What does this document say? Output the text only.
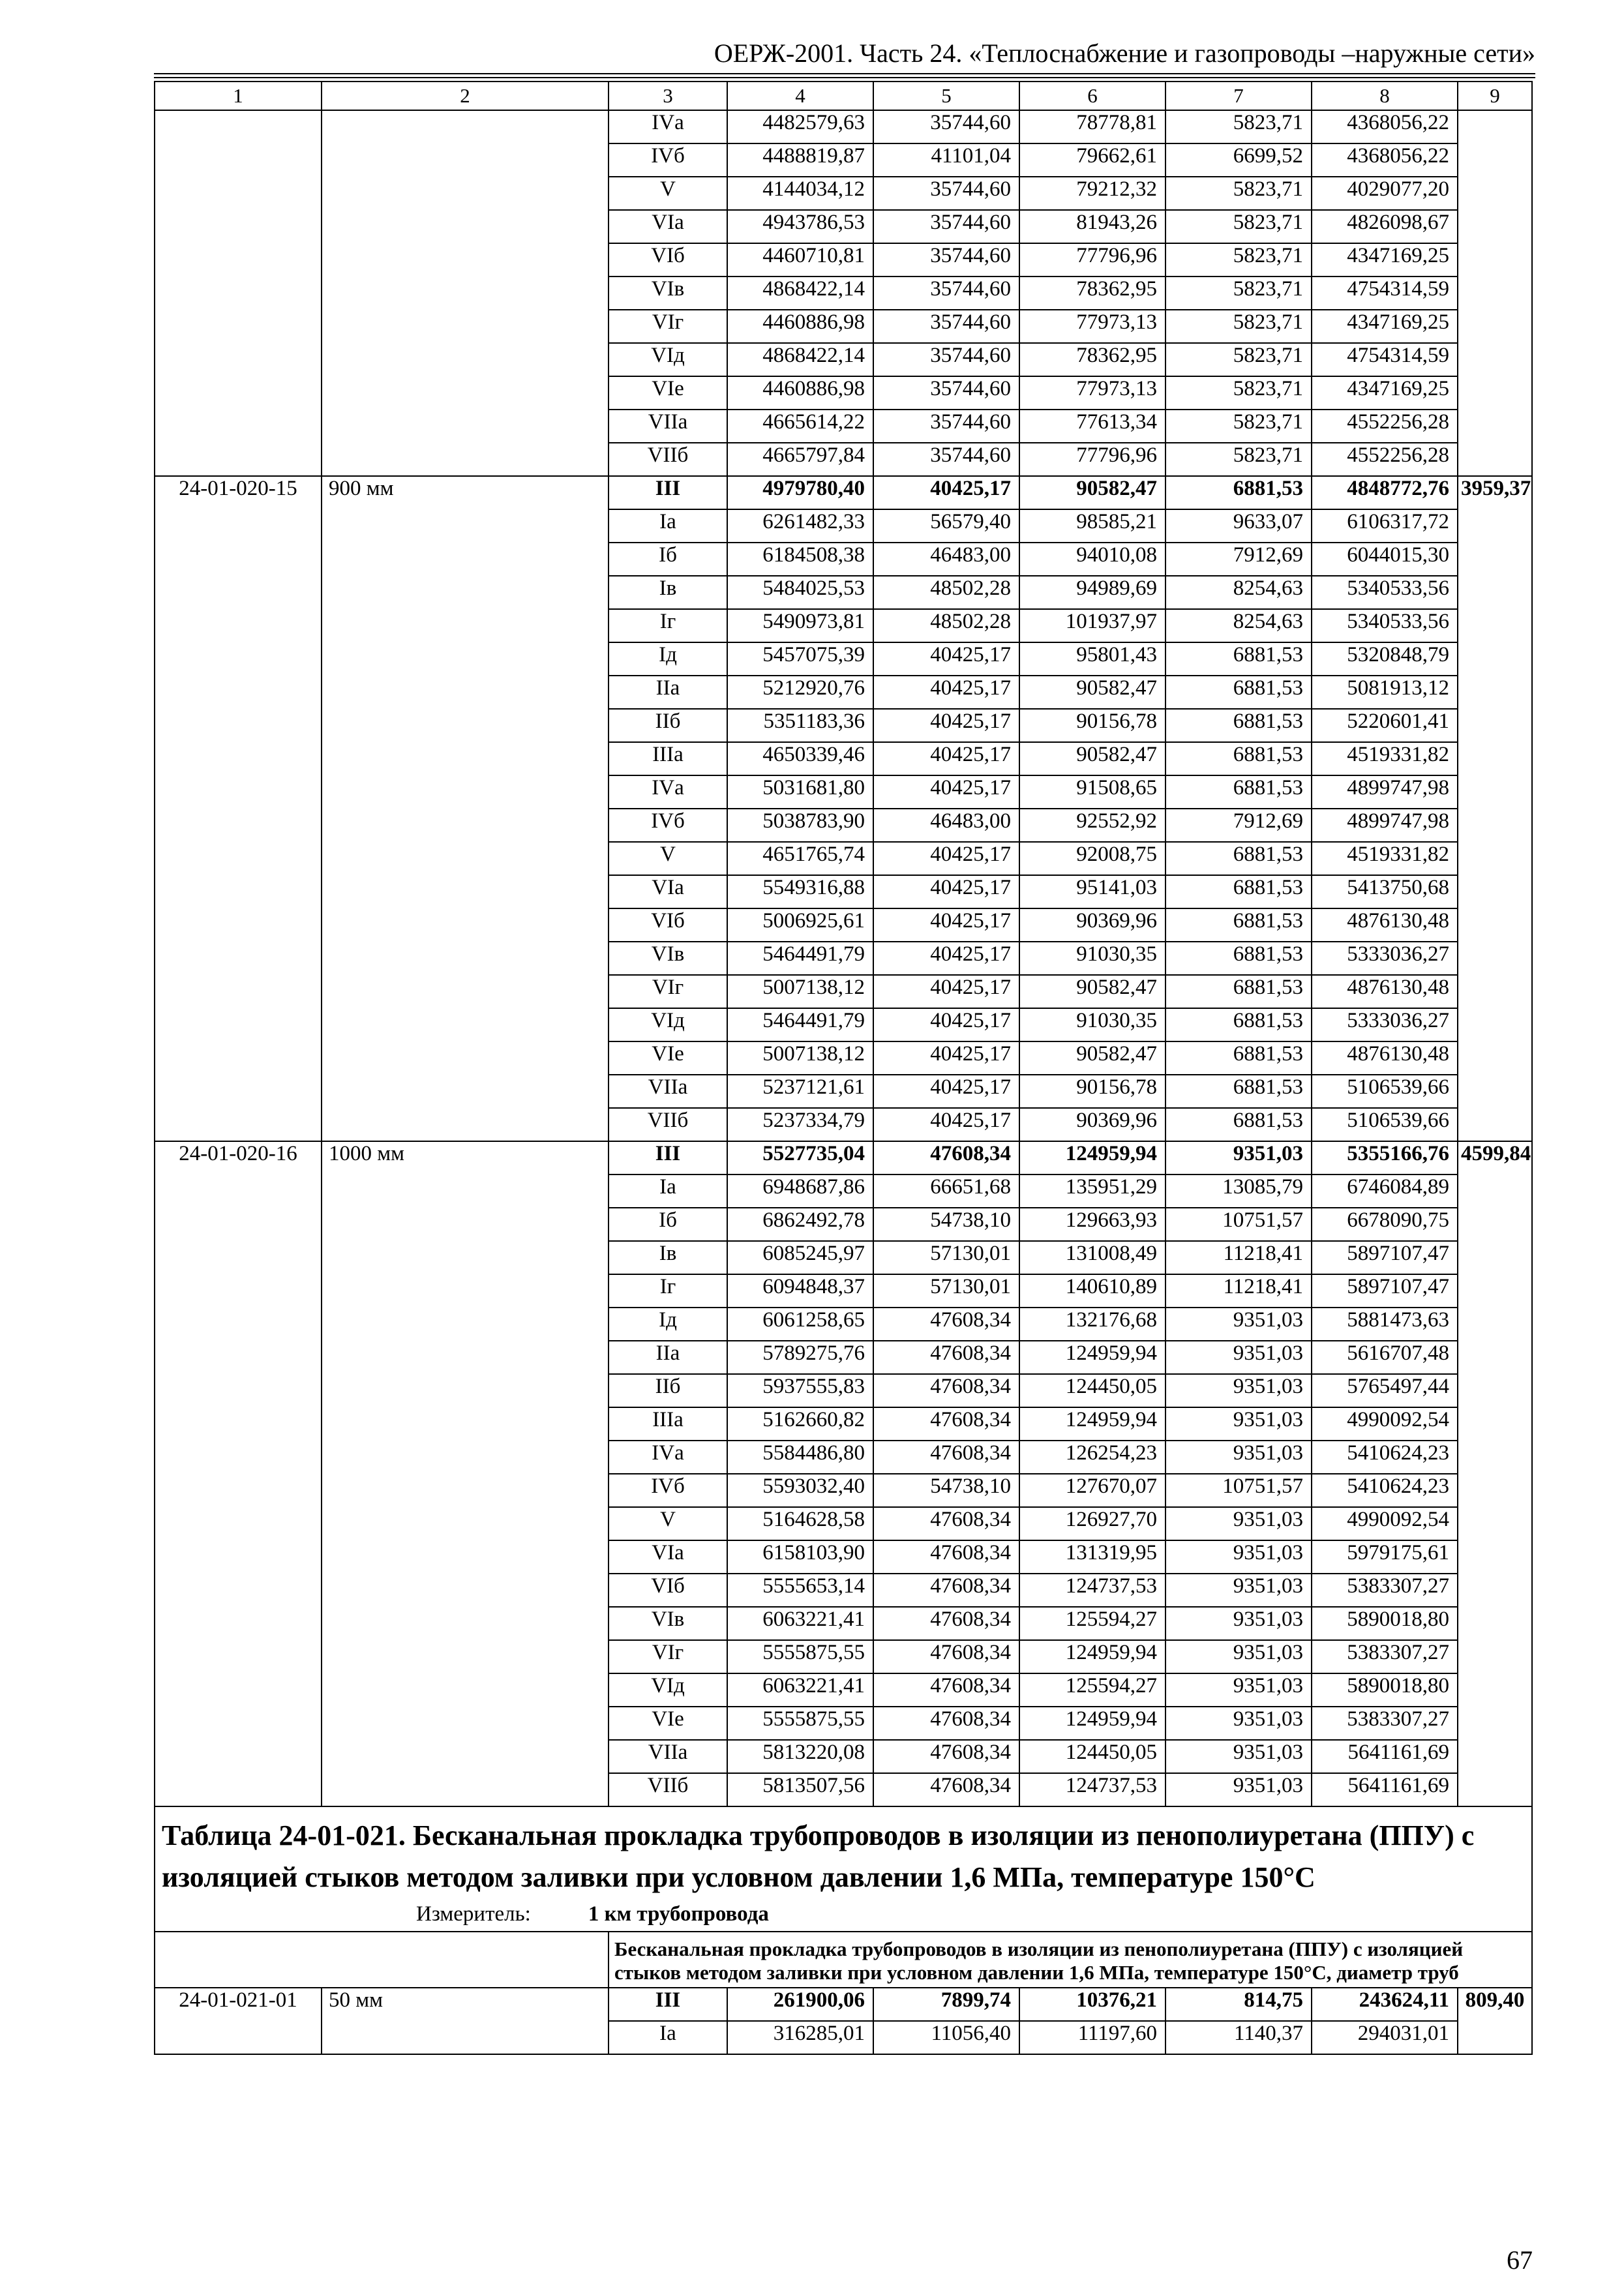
ОЕРЖ-2001. Часть 24. «Теплоснабжение и газопроводы –наружные сети»
1	2	3	4	5	6	7	8	9
		IVа	4482579,63	35744,60	78778,81	5823,71	4368056,22	
		IVб	4488819,87	41101,04	79662,61	6699,52	4368056,22	
		V	4144034,12	35744,60	79212,32	5823,71	4029077,20	
		VIа	4943786,53	35744,60	81943,26	5823,71	4826098,67	
		VIб	4460710,81	35744,60	77796,96	5823,71	4347169,25	
		VIв	4868422,14	35744,60	78362,95	5823,71	4754314,59	
		VIг	4460886,98	35744,60	77973,13	5823,71	4347169,25	
		VIд	4868422,14	35744,60	78362,95	5823,71	4754314,59	
		VIе	4460886,98	35744,60	77973,13	5823,71	4347169,25	
		VIIа	4665614,22	35744,60	77613,34	5823,71	4552256,28	
		VIIб	4665797,84	35744,60	77796,96	5823,71	4552256,28	
24-01-020-15	900 мм	III	4979780,40	40425,17	90582,47	6881,53	4848772,76	3959,37
		Iа	6261482,33	56579,40	98585,21	9633,07	6106317,72	
		Iб	6184508,38	46483,00	94010,08	7912,69	6044015,30	
		Iв	5484025,53	48502,28	94989,69	8254,63	5340533,56	
		Iг	5490973,81	48502,28	101937,97	8254,63	5340533,56	
		Iд	5457075,39	40425,17	95801,43	6881,53	5320848,79	
		IIа	5212920,76	40425,17	90582,47	6881,53	5081913,12	
		IIб	5351183,36	40425,17	90156,78	6881,53	5220601,41	
		IIIа	4650339,46	40425,17	90582,47	6881,53	4519331,82	
		IVа	5031681,80	40425,17	91508,65	6881,53	4899747,98	
		IVб	5038783,90	46483,00	92552,92	7912,69	4899747,98	
		V	4651765,74	40425,17	92008,75	6881,53	4519331,82	
		VIа	5549316,88	40425,17	95141,03	6881,53	5413750,68	
		VIб	5006925,61	40425,17	90369,96	6881,53	4876130,48	
		VIв	5464491,79	40425,17	91030,35	6881,53	5333036,27	
		VIг	5007138,12	40425,17	90582,47	6881,53	4876130,48	
		VIд	5464491,79	40425,17	91030,35	6881,53	5333036,27	
		VIе	5007138,12	40425,17	90582,47	6881,53	4876130,48	
		VIIа	5237121,61	40425,17	90156,78	6881,53	5106539,66	
		VIIб	5237334,79	40425,17	90369,96	6881,53	5106539,66	
24-01-020-16	1000 мм	III	5527735,04	47608,34	124959,94	9351,03	5355166,76	4599,84
		Iа	6948687,86	66651,68	135951,29	13085,79	6746084,89	
		Iб	6862492,78	54738,10	129663,93	10751,57	6678090,75	
		Iв	6085245,97	57130,01	131008,49	11218,41	5897107,47	
		Iг	6094848,37	57130,01	140610,89	11218,41	5897107,47	
		Iд	6061258,65	47608,34	132176,68	9351,03	5881473,63	
		IIа	5789275,76	47608,34	124959,94	9351,03	5616707,48	
		IIб	5937555,83	47608,34	124450,05	9351,03	5765497,44	
		IIIа	5162660,82	47608,34	124959,94	9351,03	4990092,54	
		IVа	5584486,80	47608,34	126254,23	9351,03	5410624,23	
		IVб	5593032,40	54738,10	127670,07	10751,57	5410624,23	
		V	5164628,58	47608,34	126927,70	9351,03	4990092,54	
		VIа	6158103,90	47608,34	131319,95	9351,03	5979175,61	
		VIб	5555653,14	47608,34	124737,53	9351,03	5383307,27	
		VIв	6063221,41	47608,34	125594,27	9351,03	5890018,80	
		VIг	5555875,55	47608,34	124959,94	9351,03	5383307,27	
		VIд	6063221,41	47608,34	125594,27	9351,03	5890018,80	
		VIе	5555875,55	47608,34	124959,94	9351,03	5383307,27	
		VIIа	5813220,08	47608,34	124450,05	9351,03	5641161,69	
		VIIб	5813507,56	47608,34	124737,53	9351,03	5641161,69	

Таблица 24-01-021. Бесканальная прокладка трубопроводов в изоляции из пенополиуретана (ППУ) с изоляцией стыков методом заливки при условном давлении 1,6 МПа, температуре 150°С
Измеритель: 1 км трубопровода								

		Бесканальная прокладка трубопроводов в изоляции из пенополиуретана (ППУ) с изоляцией стыков методом заливки при условном давлении 1,6 МПа, температуре 150°С, диаметр труб						
24-01-021-01	50 мм	III	261900,06	7899,74	10376,21	814,75	243624,11	809,40
		Iа	316285,01	11056,40	11197,60	1140,37	294031,01	
67
